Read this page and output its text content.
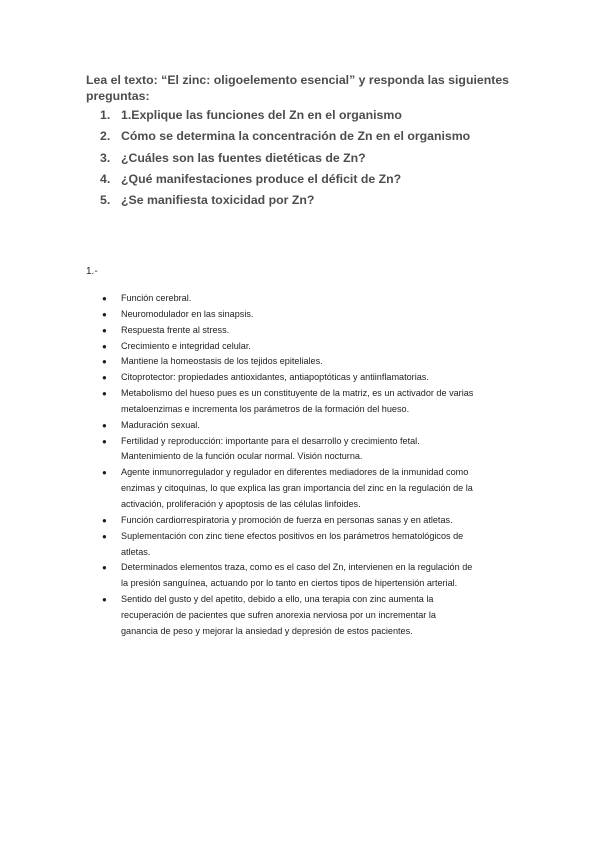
Lea el texto: “El zinc: oligoelemento esencial” y responda las siguientes
preguntas:
1. 1.Explique las funciones del Zn en el organismo
2. Cómo se determina la concentración de Zn en el organismo
3. ¿Cuáles son las fuentes dietéticas de Zn?
4. ¿Qué manifestaciones produce el déficit de Zn?
5. ¿Se manifiesta toxicidad por Zn?
1.-
● Función cerebral.
● Neuromodulador en las sinapsis.
● Respuesta frente al stress.
● Crecimiento e integridad celular.
● Mantiene la homeostasis de los tejidos epiteliales.
● Citoprotector: propiedades antioxidantes, antiapoptóticas y antiinflamatorias.
● Metabolismo del hueso pues es un constituyente de la matriz, es un activador de varias
metaloenzimas e incrementa los parámetros de la formación del hueso.
● Maduración sexual.
● Fertilidad y reproducción: importante para el desarrollo y crecimiento fetal.
Mantenimiento de la función ocular normal. Visión nocturna.
● Agente inmunorregulador y regulador en diferentes mediadores de la inmunidad como
enzimas y citoquinas, lo que explica las gran importancia del zinc en la regulación de la
activación, proliferación y apoptosis de las células linfoides.
● Función cardiorrespiratoria y promoción de fuerza en personas sanas y en atletas.
● Suplementación con zinc tiene efectos positivos en los parámetros hematológicos de
atletas.
● Determinados elementos traza, como es el caso del Zn, intervienen en la regulación de
la presión sanguínea, actuando por lo tanto en ciertos tipos de hipertensión arterial.
● Sentido del gusto y del apetito, debido a ello, una terapia con zinc aumenta la
recuperación de pacientes que sufren anorexia nerviosa por un incrementar la
ganancia de peso y mejorar la ansiedad y depresión de estos pacientes.
